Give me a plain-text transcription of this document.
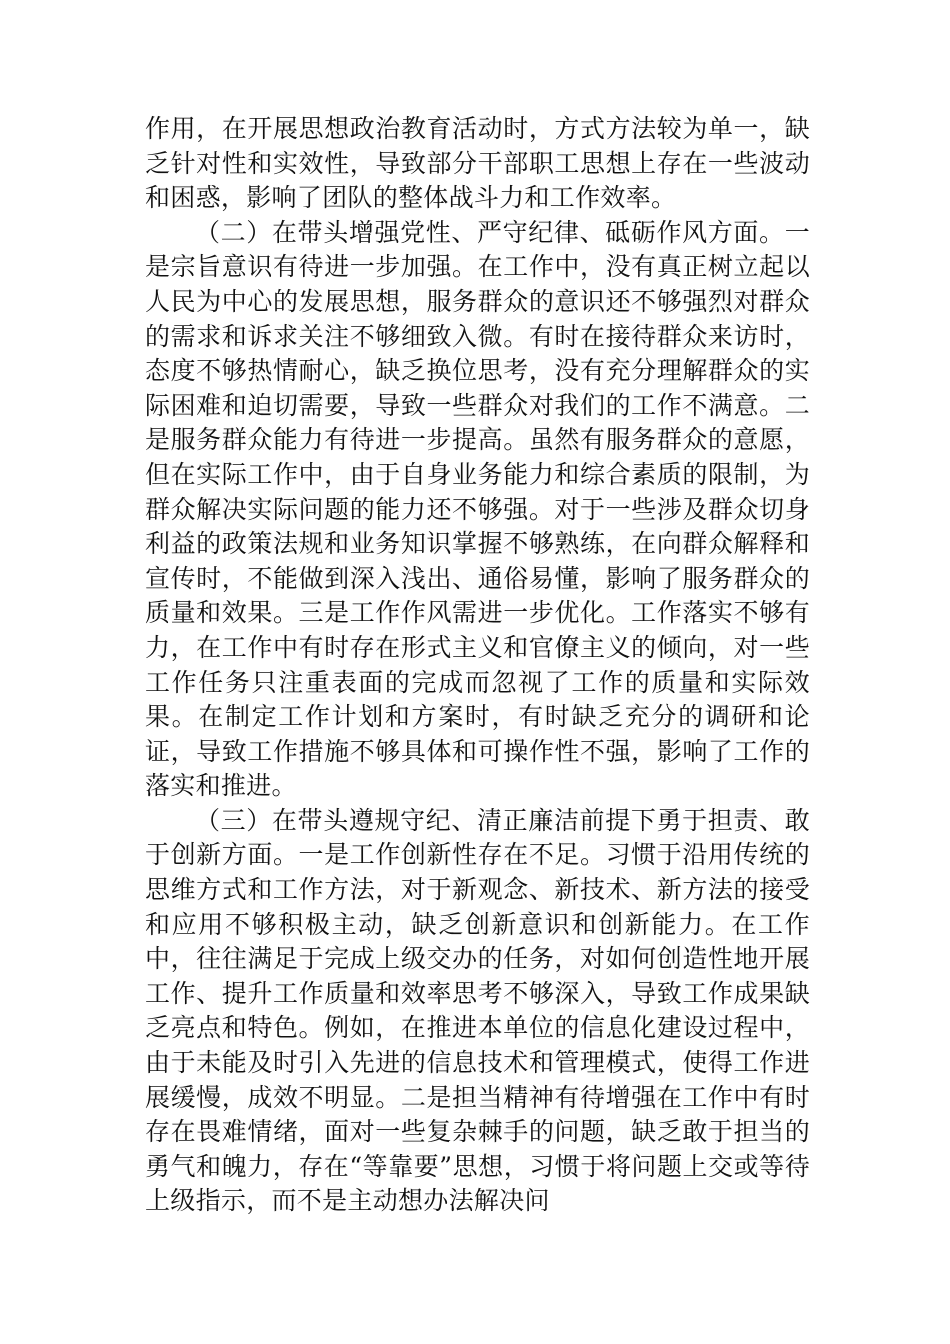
作用，在开展思想政治教育活动时，方式方法较为单一，缺乏针对性和实效性，导致部分干部职工思想上存在一些波动和困惑，影响了团队的整体战斗力和工作效率。

（二）在带头增强党性、严守纪律、砥砺作风方面。一是宗旨意识有待进一步加强。在工作中，没有真正树立起以人民为中心的发展思想，服务群众的意识还不够强烈对群众的需求和诉求关注不够细致入微。有时在接待群众来访时，态度不够热情耐心，缺乏换位思考，没有充分理解群众的实际困难和迫切需要，导致一些群众对我们的工作不满意。二是服务群众能力有待进一步提高。虽然有服务群众的意愿，但在实际工作中，由于自身业务能力和综合素质的限制，为群众解决实际问题的能力还不够强。对于一些涉及群众切身利益的政策法规和业务知识掌握不够熟练，在向群众解释和宣传时，不能做到深入浅出、通俗易懂，影响了服务群众的质量和效果。三是工作作风需进一步优化。工作落实不够有力，在工作中有时存在形式主义和官僚主义的倾向，对一些工作任务只注重表面的完成而忽视了工作的质量和实际效果。在制定工作计划和方案时，有时缺乏充分的调研和论证，导致工作措施不够具体和可操作性不强，影响了工作的落实和推进。

（三）在带头遵规守纪、清正廉洁前提下勇于担责、敢于创新方面。一是工作创新性存在不足。习惯于沿用传统的思维方式和工作方法，对于新观念、新技术、新方法的接受和应用不够积极主动，缺乏创新意识和创新能力。在工作中，往往满足于完成上级交办的任务，对如何创造性地开展工作、提升工作质量和效率思考不够深入，导致工作成果缺乏亮点和特色。例如，在推进本单位的信息化建设过程中，由于未能及时引入先进的信息技术和管理模式，使得工作进展缓慢，成效不明显。二是担当精神有待增强在工作中有时存在畏难情绪，面对一些复杂棘手的问题，缺乏敢于担当的勇气和魄力，存在“等靠要”思想，习惯于将问题上交或等待上级指示，而不是主动想办法解决问
